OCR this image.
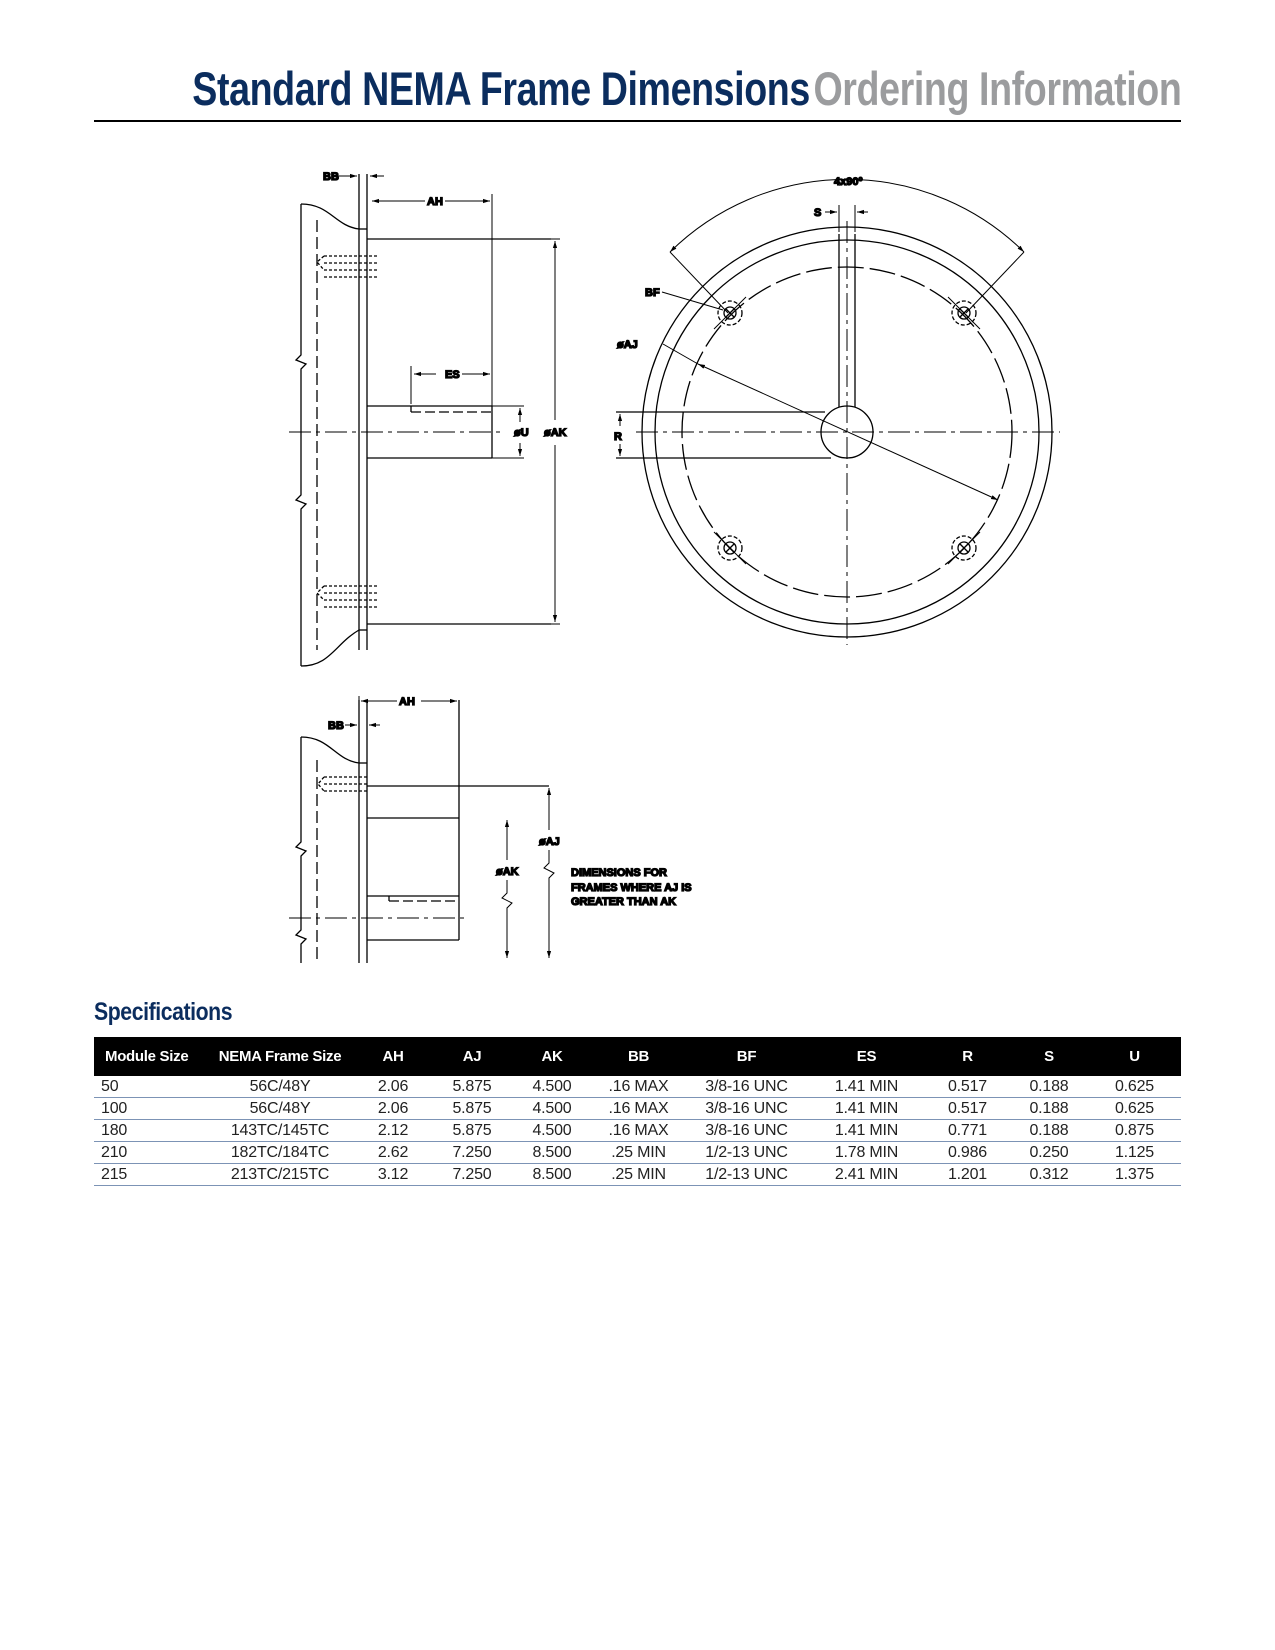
Standard NEMA Frame Dimensions Ordering Information
BB
AH
ES
øU øAK
4x90º
S
BF
øAJ
R
AH
BB
øAJ
øAK	DIMENSIONS FOR
FRAMES WHERE AJ IS
GREATER THAN AK
Specifications
Module Size	NEMA Frame Size	AH	AJ	AK	BB	BF	ES	R	S	U
50	56C/48Y	2.06	5.875	4.500	.16 MAX	3/8-16 UNC	1.41 MIN	0.517	0.188	0.625
100	56C/48Y	2.06	5.875	4.500	.16 MAX	3/8-16 UNC	1.41 MIN	0.517	0.188	0.625
180	143TC/145TC	2.12	5.875	4.500	.16 MAX	3/8-16 UNC	1.41 MIN	0.771	0.188	0.875
210	182TC/184TC	2.62	7.250	8.500	.25 MIN	1/2-13 UNC	1.78 MIN	0.986	0.250	1.125
215	213TC/215TC	3.12	7.250	8.500	.25 MIN	1/2-13 UNC	2.41 MIN	1.201	0.312	1.375
